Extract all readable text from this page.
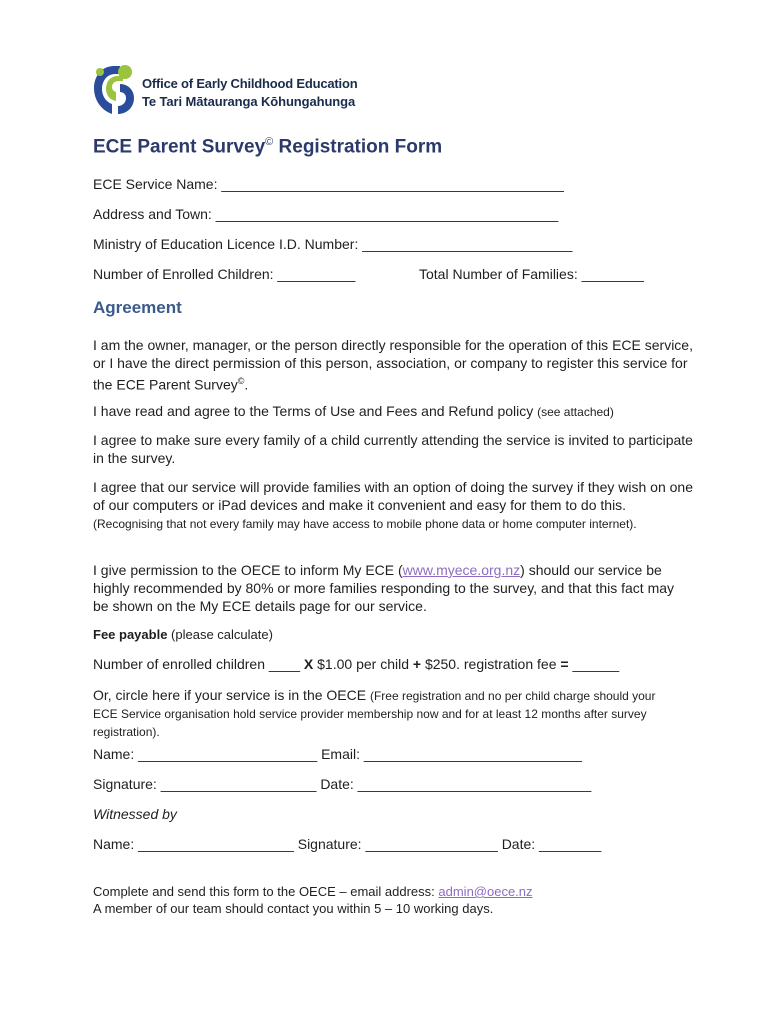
Office of Early Childhood Education
Te Tari Mātauranga Kōhungahunga
ECE Parent Survey© Registration Form
ECE Service Name: ____________________________________________
Address and Town: ____________________________________________
Ministry of Education Licence I.D. Number: ___________________________
Number of Enrolled Children: __________	Total Number of Families: ________
Agreement
I am the owner, manager, or the person directly responsible for the operation of this ECE service, or I have the direct permission of this person, association, or company to register this service for the ECE Parent Survey©.
I have read and agree to the Terms of Use and Fees and Refund policy (see attached)
I agree to make sure every family of a child currently attending the service is invited to participate in the survey.
I agree that our service will provide families with an option of doing the survey if they wish on one of our computers or iPad devices and make it convenient and easy for them to do this. (Recognising that not every family may have access to mobile phone data or home computer internet).
I give permission to the OECE to inform My ECE (www.myece.org.nz) should our service be highly recommended by 80% or more families responding to the survey, and that this fact may be shown on the My ECE details page for our service.
Fee payable (please calculate)
Number of enrolled children ____ X $1.00 per child + $250. registration fee = ______
Or, circle here if your service is in the OECE (Free registration and no per child charge should your ECE Service organisation hold service provider membership now and for at least 12 months after survey registration).
Name: _______________________ Email: ____________________________
Signature: ____________________ Date: ______________________________
Witnessed by
Name: ____________________ Signature: _________________ Date: ________
Complete and send this form to the OECE – email address: admin@oece.nz
A member of our team should contact you within 5 – 10 working days.
